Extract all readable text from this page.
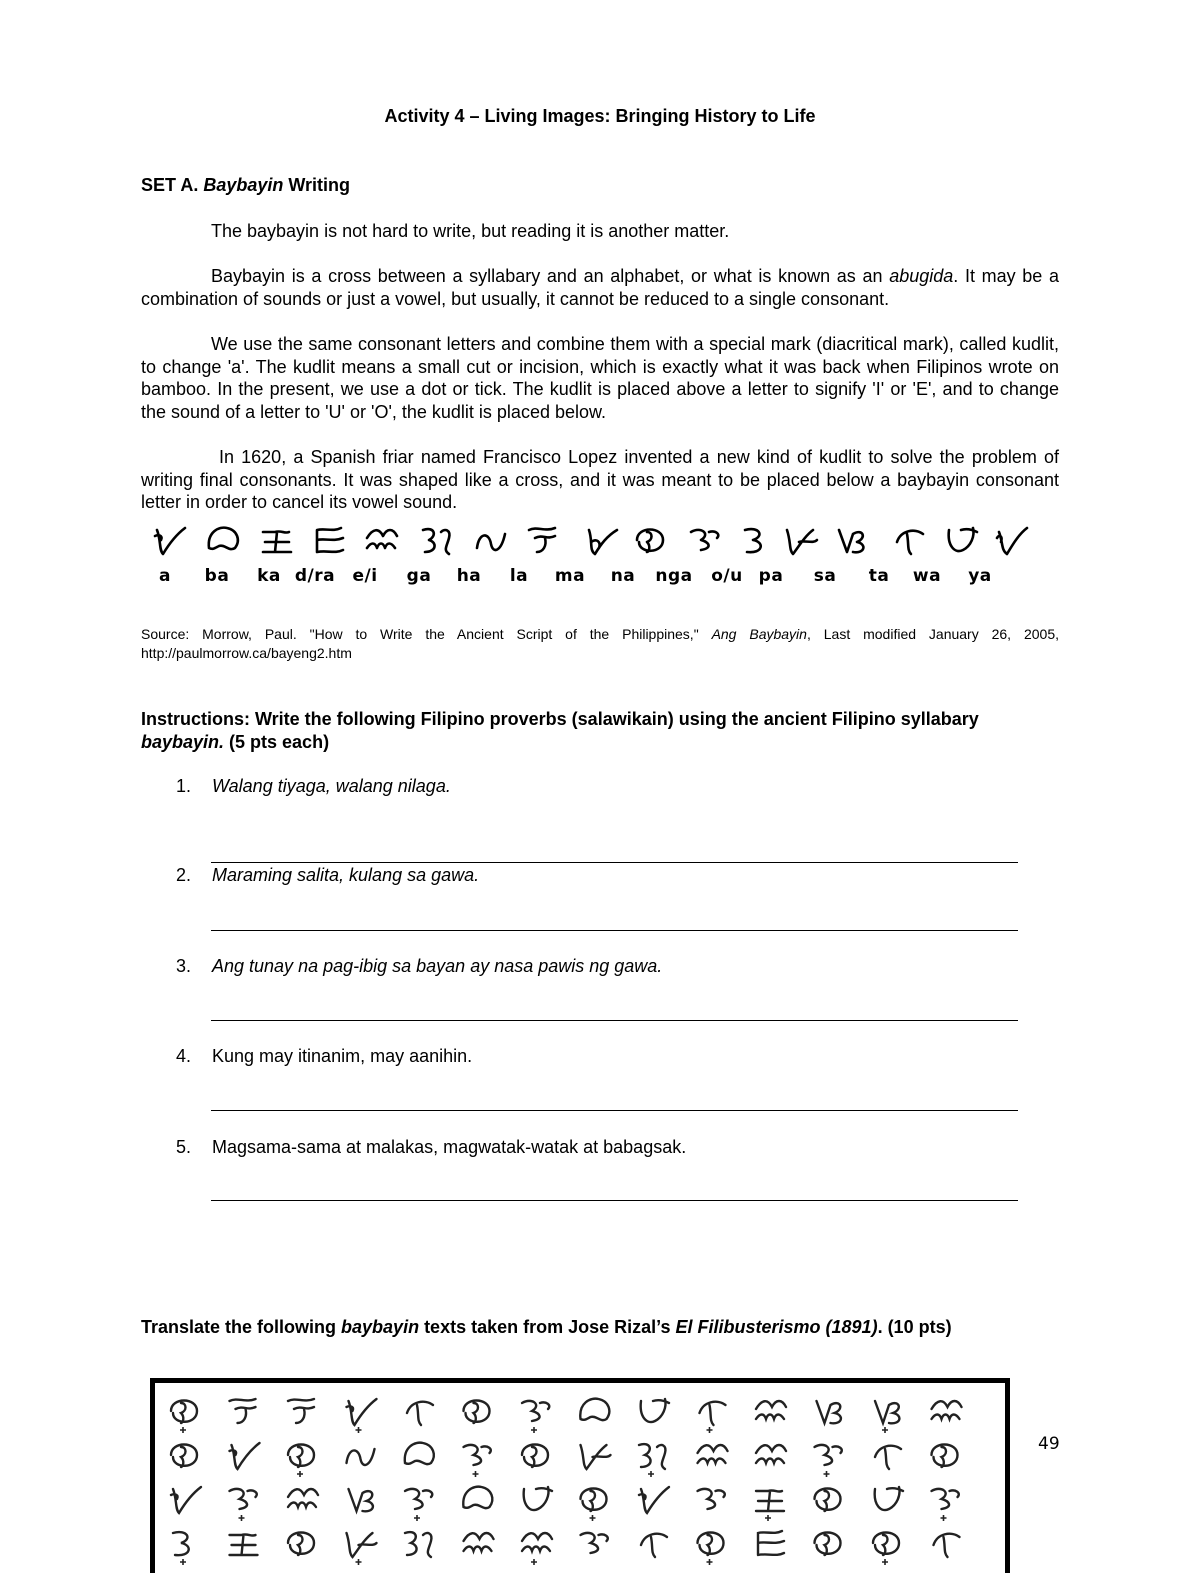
Activity 4 – Living Images: Bringing History to Life
SET A. Baybayin Writing

The baybayin is not hard to write, but reading it is another matter.

Baybayin is a cross between a syllabary and an alphabet, or what is known as an abugida. It may be a combination of sounds or just a vowel, but usually, it cannot be reduced to a single consonant.

We use the same consonant letters and combine them with a special mark (diacritical mark), called kudlit, to change 'a'. The kudlit means a small cut or incision, which is exactly what it was back when Filipinos wrote on bamboo. In the present, we use a dot or tick. The kudlit is placed above a letter to signify 'I' or 'E', and to change the sound of a letter to 'U' or 'O', the kudlit is placed below.

In 1620, a Spanish friar named Francisco Lopez invented a new kind of kudlit to solve the problem of writing final consonants. It was shaped like a cross, and it was meant to be placed below a baybayin consonant letter in order to cancel its vowel sound.

a	ba	ka d/ra	e/i	ga	ha	la	ma	na	nga	o/u pa	sa	ta	wa	ya

Source: Morrow, Paul. "How to Write the Ancient Script of the Philippines," Ang Baybayin, Last modified January 26, 2005, http://paulmorrow.ca/bayeng2.htm

Instructions: Write the following Filipino proverbs (salawikain) using the ancient Filipino syllabary baybayin. (5 pts each)

1. Walang tiyaga, walang nilaga.
2. Maraming salita, kulang sa gawa.
3. Ang tunay na pag-ibig sa bayan ay nasa pawis ng gawa.
4. Kung may itinanim, may aanihin.
5. Magsama-sama at malakas, magwatak-watak at babagsak.
Translate the following baybayin texts taken from Jose Rizal’s El Filibusterismo (1891). (10 pts)
49
